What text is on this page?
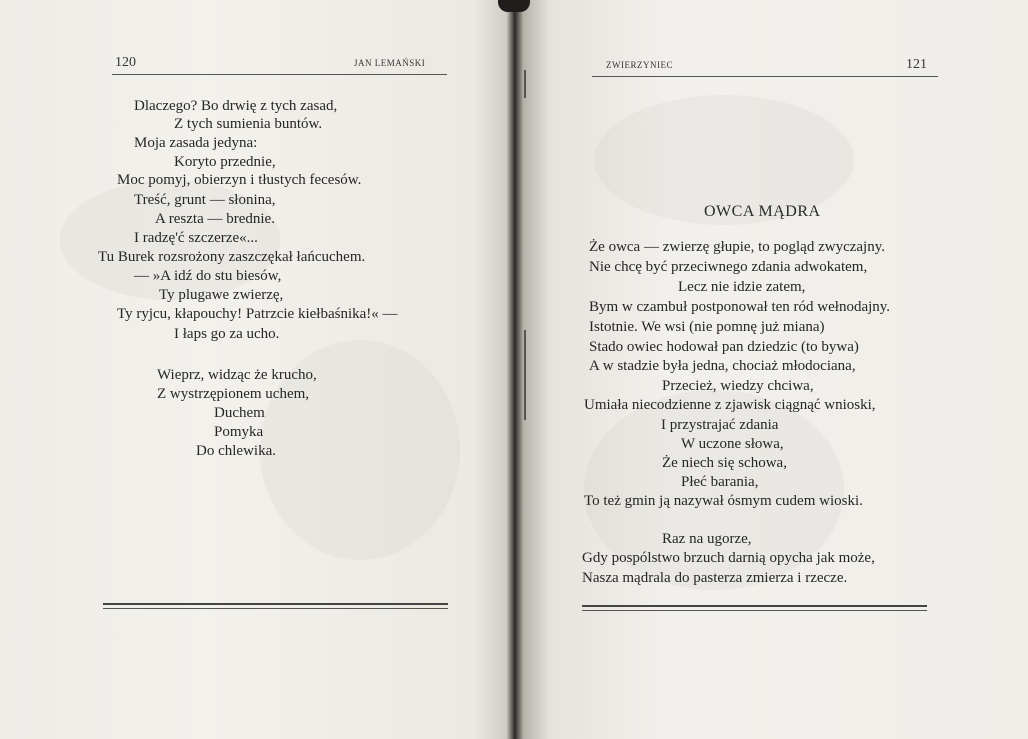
120	JAN LEMAŃSKI
Dlaczego? Bo drwię z tych zasad,
Z tych sumienia buntów.
Moja zasada jedyna:
Koryto przednie,
Moc pomyj, obierzyn i tłustych fecesów.
Treść, grunt — słonina,
A reszta — brednie.
I radzę'ć szczerze«...
Tu Burek rozsrożony zaszczękał łańcuchem.
— »A idź do stu biesów,
Ty plugawe zwierzę,
Ty ryjcu, kłapouchy! Patrzcie kiełbaśnika!« —
I łaps go za ucho.
Wieprz, widząc że krucho,
Z wystrzępionem uchem,
Duchem
Pomyka
Do chlewika.
ZWIERZYNIEC	121
OWCA MĄDRA
Że owca — zwierzę głupie, to pogląd zwyczajny.
Nie chcę być przeciwnego zdania adwokatem,
Lecz nie idzie zatem,
Bym w czambuł postponował ten ród wełnodajny.
Istotnie. We wsi (nie pomnę już miana)
Stado owiec hodował pan dziedzic (to bywa)
A w stadzie była jedna, chociaż młodociana,
Przecież, wiedzy chciwa,
Umiała niecodzienne z zjawisk ciągnąć wnioski,
I przystrajać zdania
W uczone słowa,
Że niech się schowa,
Płeć barania,
To też gmin ją nazywał ósmym cudem wioski.
Raz na ugorze,
Gdy pospólstwo brzuch darnią opycha jak może,
Nasza mądrala do pasterza zmierza i rzecze.
